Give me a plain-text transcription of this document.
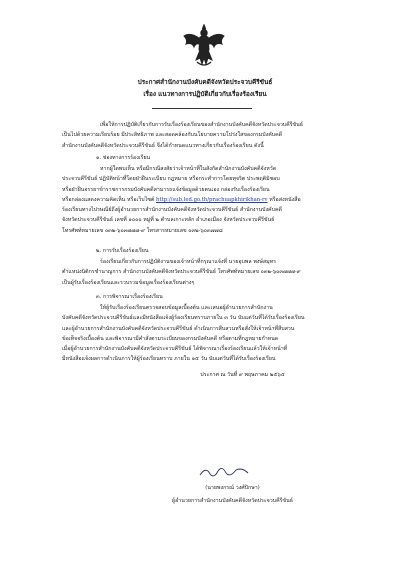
ประกาศสำนักงานบังคับคดีจังหวัดประจวบคีรีขันธ์
เรื่อง แนวทางการปฏิบัติเกี่ยวกับเรื่องร้องเรียน
เพื่อให้การปฏิบัติเกี่ยวกับการรับเรื่องร้องเรียนของสำนักงานบังคับคดีจังหวัดประจวบคีรีขันธ์
เป็นไปด้วยความเรียบร้อย มีประสิทธิภาพ และสอดคล้องกับนโยบายความโปร่งใสของกรมบังคับคดี
สำนักงานบังคับคดีจังหวัดประจวบคีรีขันธ์ จึงได้กำหนดแนวทางเกี่ยวกับเรื่องร้องเรียน ดังนี้
๑. ช่องทางการร้องเรียน
หากผู้ใดพบเห็น หรือมีกรณีสงสัยว่าเจ้าหน้าที่ในสังกัดสำนักงานบังคับคดีจังหวัด
ประจวบคีรีขันธ์ ปฏิบัติหน้าที่โดยฝ่าฝืนระเบียบ กฎหมาย หรือกระทำการโดยทุจริต ประพฤติมิชอบ
หรือฝ่าฝืนจรรยาข้าราชการกรมบังคับคดีสามารถแจ้งข้อมูลด้วยตนเอง กล่องรับเรื่องร้องเรียน
หรือกล่องแสดงความคิดเห็น หรือเว็บไซต์ http://sub.led.go.th/prachuapkhirikhan-rv หรือส่งหนังสือ
ร้องเรียนทางไปรษณีย์ถึงผู้อำนวยการสำนักงานบังคับคดีจังหวัดประจวบคีรีขันธ์ สำนักงานบังคับคดี
จังหวัดประจวบคีรีขันธ์ เลขที่ ๑๐๐๐ หมู่ที่ ๒ ตำบลเกาะหลัก อำเภอเมือง จังหวัดประจวบคีรีขันธ์
โทรศัพท์หมายเลข ๐๓๒-๖๐๓๗๗๗-๙ โทรสารหมายเลข ๐๓๒-๖๐๓๗๗๘
๒. การรับเรื่องร้องเรียน
ร้องเรียนเกี่ยวกับการปฏิบัติงานของเจ้าหน้าที่กรุณาแจ้งที่ นายอุบพล พงษ์สมุทร
ตำแหน่งนิติกรชำนาญการ สำนักงานบังคับคดีจังหวัดประจวบคีรีขันธ์ โทรศัพท์หมายเลข ๐๓๒-๖๐๓๗๗๗-๙
เป็นผู้รับเรื่องร้องเรียนและรวบรวมข้อมูลเรื่องร้องเรียนต่างๆ
๓. การพิจารณาเรื่องร้องเรียน
ให้ผู้รับเรื่องร้องเรียนตรวจสอบข้อมูลเบื้องต้น และเสนอผู้อำนวยการสำนักงาน
บังคับคดีจังหวัดประจวบคีรีขันธ์และมีหนังสือแจ้งผู้ร้องเรียนทราบภายใน ๓ วัน นับแต่วันที่ได้รับเรื่องร้องเรียน
และผู้อำนวยการสำนักงานบังคับคดีจังหวัดประจวบคีรีขันธ์ ดำเนินการสืบสวนหรือสั่งให้เจ้าหน้าที่สืบสวน
ข้อเท็จจริงเบื้องต้น และพิจารณามีคำสั่งตามระเบียบของกรมบังคับคดี หรือตามที่กฎหมายกำหนด
เมื่อผู้อำนวยการสำนักงานบังคับคดีจังหวัดประจวบคีรีขันธ์ ได้พิจารณาเรื่องร้องเรียนแล้วให้เจ้าหน้าที่
มีหนังสือแจ้งผลการดำเนินการให้ผู้ร้องเรียนทราบ ภายใน ๑๕ วัน นับแต่วันที่ได้รับเรื่องร้องเรียน
ประกาศ ณ วันที่ ๙ พฤษภาคม ๒๕๖๕
(นายพงกรณ์ วงศ์ปิกษา)
ผู้อำนวยการสำนักงานบังคับคดีจังหวัดประจวบคีรีขันธ์
